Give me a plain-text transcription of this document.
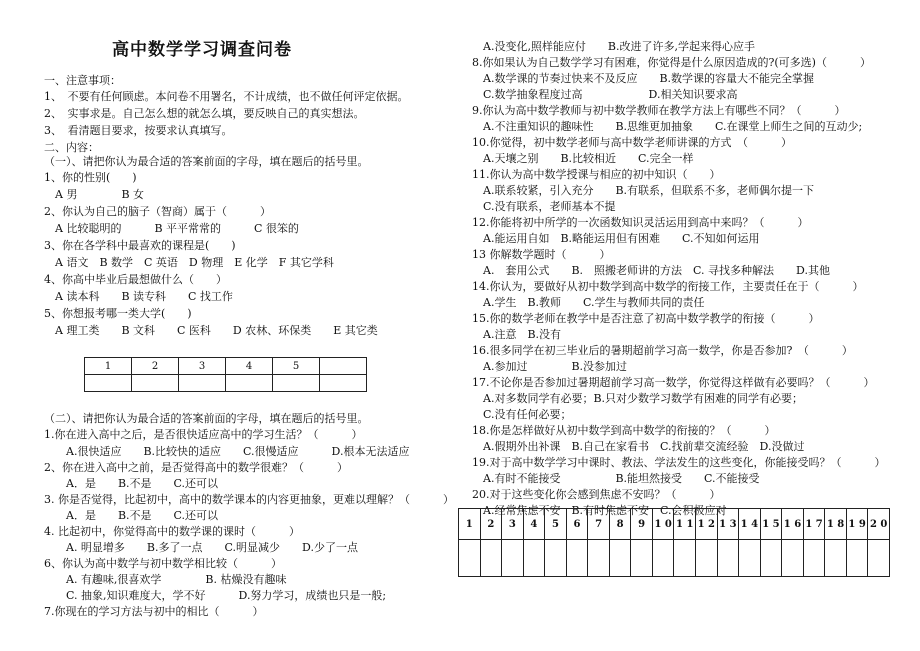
高中数学学习调查问卷
一、注意事项：
1、　不要有任何顾虑。本问卷不用署名，不计成绩，也不做任何评定依据。
2、　实事求是。自己怎么想的就怎么填，要反映自己的真实想法。
3、　看清题目要求，按要求认真填写。
二、内容：
（一）、请把你认为最合适的答案前面的字母，填在题后的括号里。
1、你的性别(　　)
　A 男　　　　B 女
2、你认为自己的脑子（智商）属于（　　　）
　A 比较聪明的　　　B 平平常常的　　　C 很笨的
3、你在各学科中最喜欢的课程是(　　)
　A 语文　B 数学　C 英语　D 物理　E 化学　F 其它学科
4、你高中毕业后最想做什么（　　）
　A 读本科　　B 读专科　　C 找工作
5、你想报考哪一类大学(　　)
　A 理工类　　B 文科　　C 医科　　D 农林、环保类　　E 其它类
1	2	3	4	5	

（二）、请把你认为最合适的答案前面的字母，填在题后的括号里。
1.你在进入高中之后，是否很快适应高中的学习生活？（　　　）
　　A.很快适应　　B.比较快的适应　　C.很慢适应　　　D.根本无法适应
2、你在进入高中之前，是否觉得高中的数学很难？（　　　）
　　A．是　　B.不是　　C.还可以
3. 你是否觉得，比起初中，高中的数学课本的内容更抽象，更难以理解？（　　　）
　　A．是　　B.不是　　C.还可以
4. 比起初中，你觉得高中的数学课的课时（　　　）
　　A. 明显增多　　B.多了一点　　C.明显减少　　D.少了一点
6、你认为高中数学与初中数学相比较（　　　）
　　A. 有趣味,很喜欢学　　　　B. 枯燥没有趣味
　　C. 抽象,知识难度大，学不好　　　D.努力学习，成绩也只是一般;
7.你现在的学习方法与初中的相比（　　　）
　A.没变化,照样能应付　　B.改进了许多,学起来得心应手
8.你如果认为自己数学学习有困难，你觉得是什么原因造成的?(可多选)（　　　）
　A.数学课的节奏过快来不及反应　　B.数学课的容量大不能完全掌握
　C.数学抽象程度过高　　　　　　D.相关知识要求高
9.你认为高中数学教师与初中数学教师在教学方法上有哪些不同？（　　　）
　A.不注重知识的趣味性　　B.思维更加抽象　　C.在课堂上师生之间的互动少;
10.你觉得，初中数学老师与高中数学老师讲课的方式　（　　　）
　A.天壤之别　　B.比较相近　　C.完全一样
11.你认为高中数学授课与相应的初中知识（　　）
　A.联系较紧，引入充分　　B.有联系，但联系不多，老师偶尔提一下
　C.没有联系，老师基本不提
12.你能将初中所学的一次函数知识灵活运用到高中来吗？（　　　）
　A.能运用自如　B.略能运用但有困难　　C.不知如何运用
13 你解数学题时（　　　）
　A.　套用公式　　B.　照搬老师讲的方法　C. 寻找多种解法　　D.其他
14.你认为，要做好从初中数学到高中数学的衔接工作，主要责任在于（　　　）
　A.学生　B.教师　　C.学生与教师共同的责任
15.你的数学老师在教学中是否注意了初高中数学教学的衔接（　　　）
　A.注意　B.没有
16.很多同学在初三毕业后的暑期超前学习高一数学，你是否参加?　（　　　）
　A.参加过　　　　B.没参加过
17.不论你是否参加过暑期超前学习高一数学，你觉得这样做有必要吗？（　　　）
　A.对多数同学有必要；B.只对少数学习数学有困难的同学有必要；
　C.没有任何必要；
18.你是怎样做好从初中数学到高中数学的衔接的？（　　　）
　A.假期外出补课　B.自己在家看书　C.找前辈交流经验　D.没做过
19.对于高中数学学习中课时、教法、学法发生的这些变化，你能接受吗？（　　　）
　A.有时不能接受　　　　　B.能坦然接受　　C.不能接受
20.对于这些变化你会感到焦虑不安吗？（　　　）
　A.经常焦虑不安　B.有时焦虑不安　C.会积极应对
1	2	3	4	5	6	7	8	9	1 0	1 1	1 2	1 3	1 4	1 5	1 6	1 7	1 8	1 9	2 0
